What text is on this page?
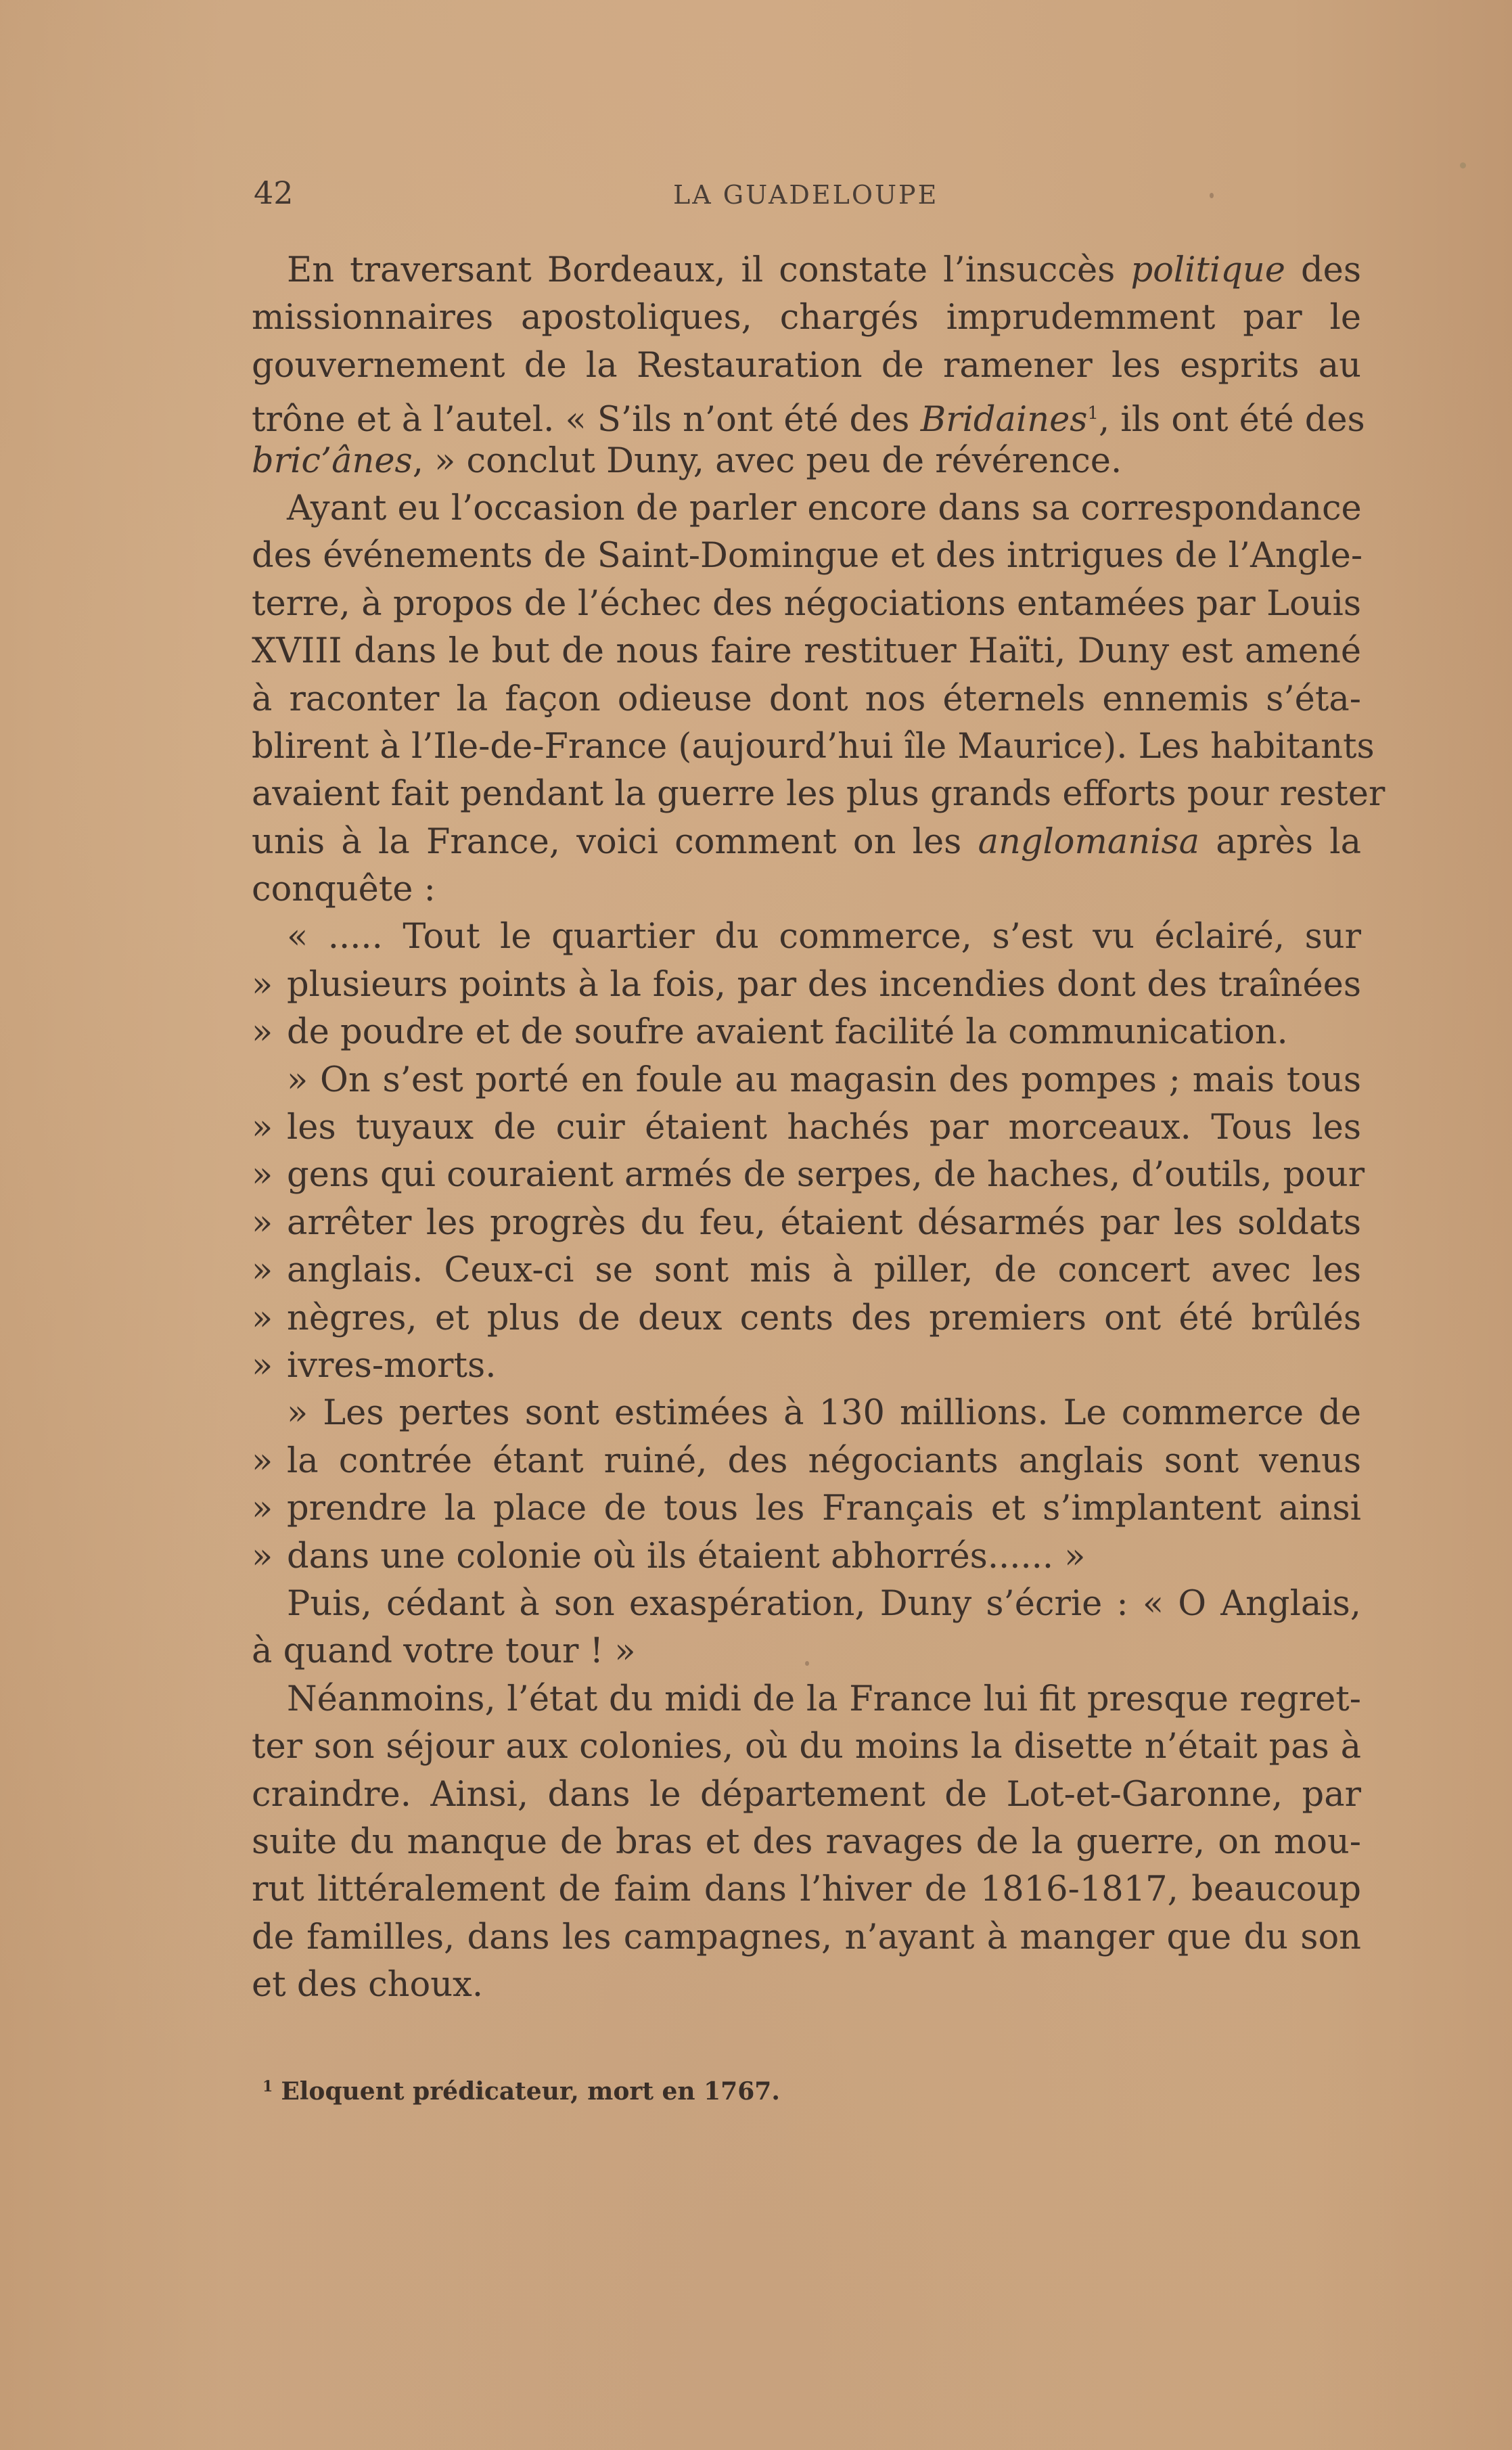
42	LA GUADELOUPE
En traversant Bordeaux, il constate l’insuccès politique des
missionnaires apostoliques, chargés imprudemment par le
gouvernement de la Restauration de ramener les esprits au
trône et à l’autel. « S’ils n’ont été des Bridaines$^1$, ils ont été des
bric’ânes, » conclut Duny, avec peu de révérence.
Ayant eu l’occasion de parler encore dans sa correspondance
des événements de Saint-Domingue et des intrigues de l’Angle-
terre, à propos de l’échec des négociations entamées par Louis
XVIII dans le but de nous faire restituer Haïti, Duny est amené
à raconter la façon odieuse dont nos éternels ennemis s’éta-
blirent à l’Ile-de-France (aujourd’hui île Maurice). Les habitants
avaient fait pendant la guerre les plus grands efforts pour rester
unis à la France, voici comment on les anglomanisa après la
conquête :
« ..... Tout le quartier du commerce, s’est vu éclairé, sur
» plusieurs points à la fois, par des incendies dont des traînées
» de poudre et de soufre avaient facilité la communication.
» On s’est porté en foule au magasin des pompes ; mais tous
» les tuyaux de cuir étaient hachés par morceaux. Tous les
» gens qui couraient armés de serpes, de haches, d’outils, pour
» arrêter les progrès du feu, étaient désarmés par les soldats
» anglais. Ceux-ci se sont mis à piller, de concert avec les
» nègres, et plus de deux cents des premiers ont été brûlés
» ivres-morts.
» Les pertes sont estimées à 130 millions. Le commerce de
» la contrée étant ruiné, des négociants anglais sont venus
» prendre la place de tous les Français et s’implantent ainsi
» dans une colonie où ils étaient abhorrés...... »
Puis, cédant à son exaspération, Duny s’écrie : « O Anglais,
à quand votre tour ! »
Néanmoins, l’état du midi de la France lui fit presque regret-
ter son séjour aux colonies, où du moins la disette n’était pas à
craindre. Ainsi, dans le département de Lot-et-Garonne, par
suite du manque de bras et des ravages de la guerre, on mou-
rut littéralement de faim dans l’hiver de 1816-1817, beaucoup
de familles, dans les campagnes, n’ayant à manger que du son
et des choux.
$^1$ Eloquent prédicateur, mort en 1767.
